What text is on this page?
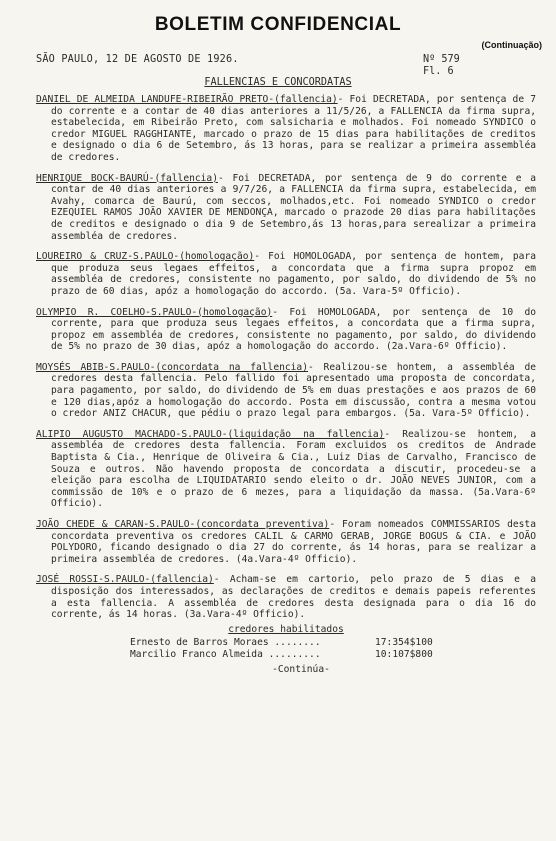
BOLETIM CONFIDENCIAL
(Continuação)
SÃO PAULO, 12 DE AGOSTO DE 1926.	Nº 579
Fl. 6
FALLENCIAS E CONCORDATAS

DANIEL DE ALMEIDA LANDUFE-RIBEIRÃO PRETO-(fallencia)- Foi DECRETADA, por sentença de 7 do corrente e a contar de 40 dias anteriores a 11/5/26, a FALLENCIA da firma supra, estabelecida, em Ribeirão Preto, com salsicharia e molhados. Foi nomeado SYNDICO o credor MIGUEL RAGGHIANTE, marcado o prazo de 15 dias para habilitações de creditos e designado o dia 6 de Setembro, ás 13 horas, para se realizar a primeira assembléa de credores.

HENRIQUE BOCK-BAURÚ-(fallencia)- Foi DECRETADA, por sentença de 9 do corrente e a contar de 40 dias anteriores a 9/7/26, a FALLENCIA da firma supra, estabelecida, em Avahy, comarca de Baurú, com seccos, molhados,etc. Foi nomeado SYNDICO o credor EZEQUIEL RAMOS JOÃO XAVIER DE MENDONÇA, marcado o prazode 20 dias para habilitações de creditos e designado o dia 9 de Setembro,ás 13 horas,para serealizar a primeira assembléa de credores.

LOUREIRO & CRUZ-S.PAULO-(homologação)- Foi HOMOLOGADA, por sentença de hontem, para que produza seus legaes effeitos, a concordata que a firma supra propoz em assembléa de credores, consistente no pagamento, por saldo, do dividendo de 5% no prazo de 60 dias, apóz a homologação do accordo. (5a. Vara-5º Officio).

OLYMPIO R. COELHO-S.PAULO-(homologação)- Foi HOMOLOGADA, por sentença de 10 do corrente, para que produza seus legaes effeitos, a concordata que a firma supra, propoz em assembléa de credores, consistente no pagamento, por saldo, do dividendo de 5% no prazo de 30 dias, apóz a homologação do accordo. (2a.Vara-6º Officio).

MOYSÉS ABIB-S.PAULO-(concordata na fallencia)- Realizou-se hontem, a assembléa de credores desta fallencia. Pelo fallido foi apresentado uma proposta de concordata, para pagamento, por saldo, do dividendo de 5% em duas prestações e aos prazos de 60 e 120 dias,apóz a homologação do accordo. Posta em discussão, contra a mesma votou o credor ANIZ CHACUR, que pédiu o prazo legal para embargos. (5a. Vara-5º Officio).

ALIPIO AUGUSTO MACHADO-S.PAULO-(liquidação na fallencia)- Realizou-se hontem, a assembléa de credores desta fallencia. Foram excluidos os creditos de Andrade Baptista & Cia., Henrique de Oliveira & Cia., Luiz Dias de Carvalho, Francisco de Souza e outros. Não havendo proposta de concordata a discutir, procedeu-se a eleição para escolha de LIQUIDATARIO sendo eleito o dr. JOÃO NEVES JUNIOR, com a commissão de 10% e o prazo de 6 mezes, para a liquidação da massa. (5a.Vara-6º Officio).

JOÃO CHEDE & CARAN-S.PAULO-(concordata preventiva)- Foram nomeados COMMISSARIOS desta concordata preventiva os credores CALIL & CARMO GERAB, JORGE BOGUS & CIA. e JOÃO POLYDORO, ficando designado o dia 27 do corrente, ás 14 horas, para se realizar a primeira assembléa de credores. (4a.Vara-4º Officio).

JOSÉ ROSSI-S.PAULO-(fallencia)- Acham-se em cartorio, pelo prazo de 5 dias e a disposição dos interessados, as declarações de creditos e demais papeis referentes a esta fallencia. A assembléa de credores desta designada para o dia 16 do corrente, ás 14 horas. (3a.Vara-4º Officio).

credores habilitados
Ernesto de Barros Moraes ........	17:354$100
Marcilio Franco Almeida .........	10:107$800
-Continúa-
